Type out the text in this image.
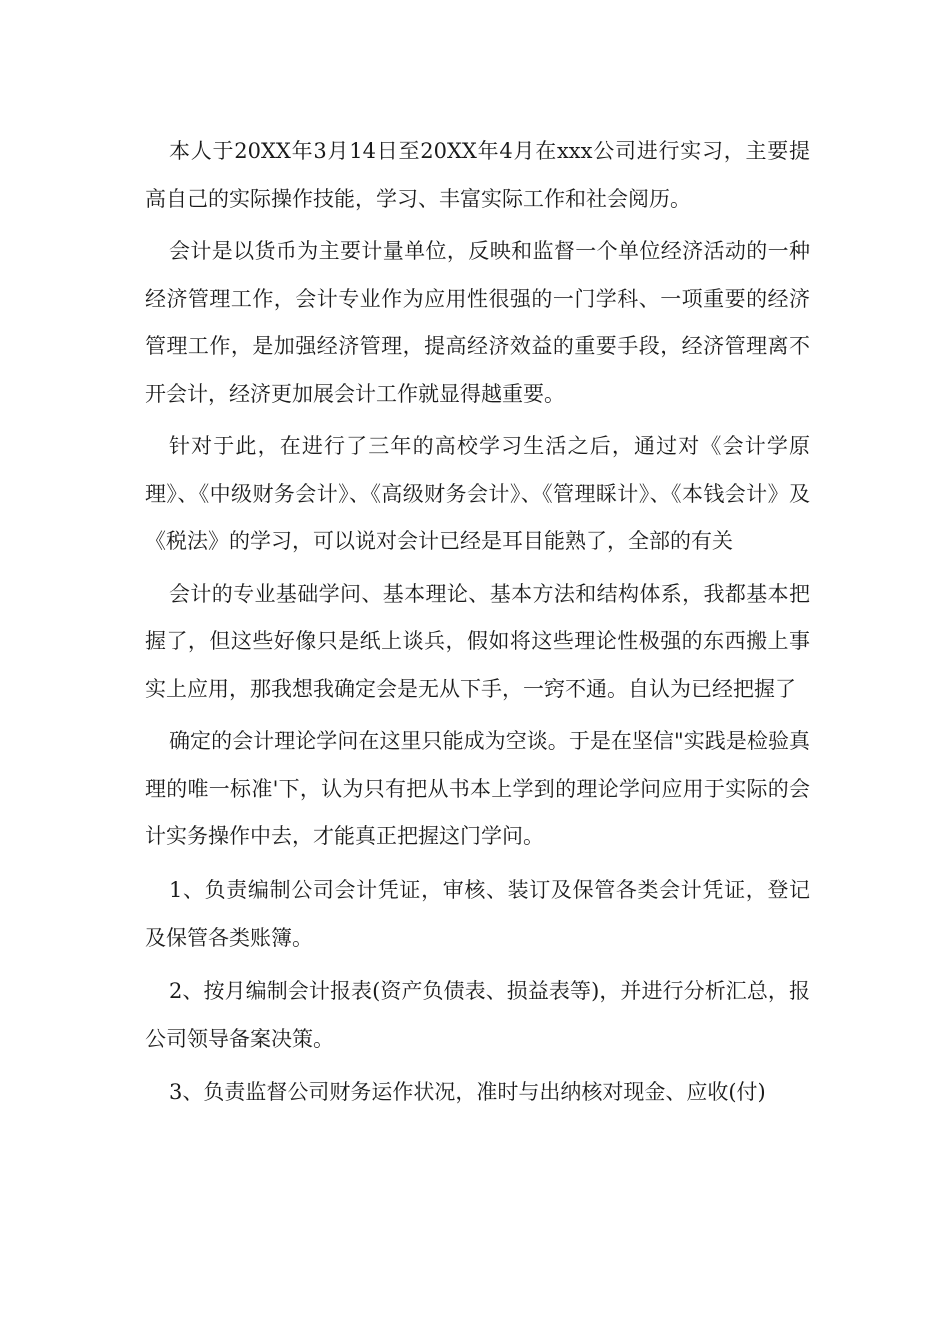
本人于20XX年3月14日至20XX年4月在xxx公司进行实习，主要提高自己的实际操作技能，学习、丰富实际工作和社会阅历。

会计是以货币为主要计量单位，反映和监督一个单位经济活动的一种经济管理工作，会计专业作为应用性很强的一门学科、一项重要的经济管理工作，是加强经济管理，提高经济效益的重要手段，经济管理离不开会计，经济更加展会计工作就显得越重要。

针对于此，在进行了三年的高校学习生活之后，通过对《会计学原理》、《中级财务会计》、《高级财务会计》、《管理睬计》、《本钱会计》及《税法》的学习，可以说对会计已经是耳目能熟了，全部的有关

会计的专业基础学问、基本理论、基本方法和结构体系，我都基本把握了，但这些好像只是纸上谈兵，假如将这些理论性极强的东西搬上事实上应用，那我想我确定会是无从下手，一窍不通。自认为已经把握了

确定的会计理论学问在这里只能成为空谈。于是在坚信"实践是检验真理的唯一标准'下，认为只有把从书本上学到的理论学问应用于实际的会计实务操作中去，才能真正把握这门学问。

1、负责编制公司会计凭证，审核、装订及保管各类会计凭证，登记及保管各类账簿。

2、按月编制会计报表(资产负债表、损益表等)，并进行分析汇总，报公司领导备案决策。

3、负责监督公司财务运作状况，准时与出纳核对现金、应收(付)
